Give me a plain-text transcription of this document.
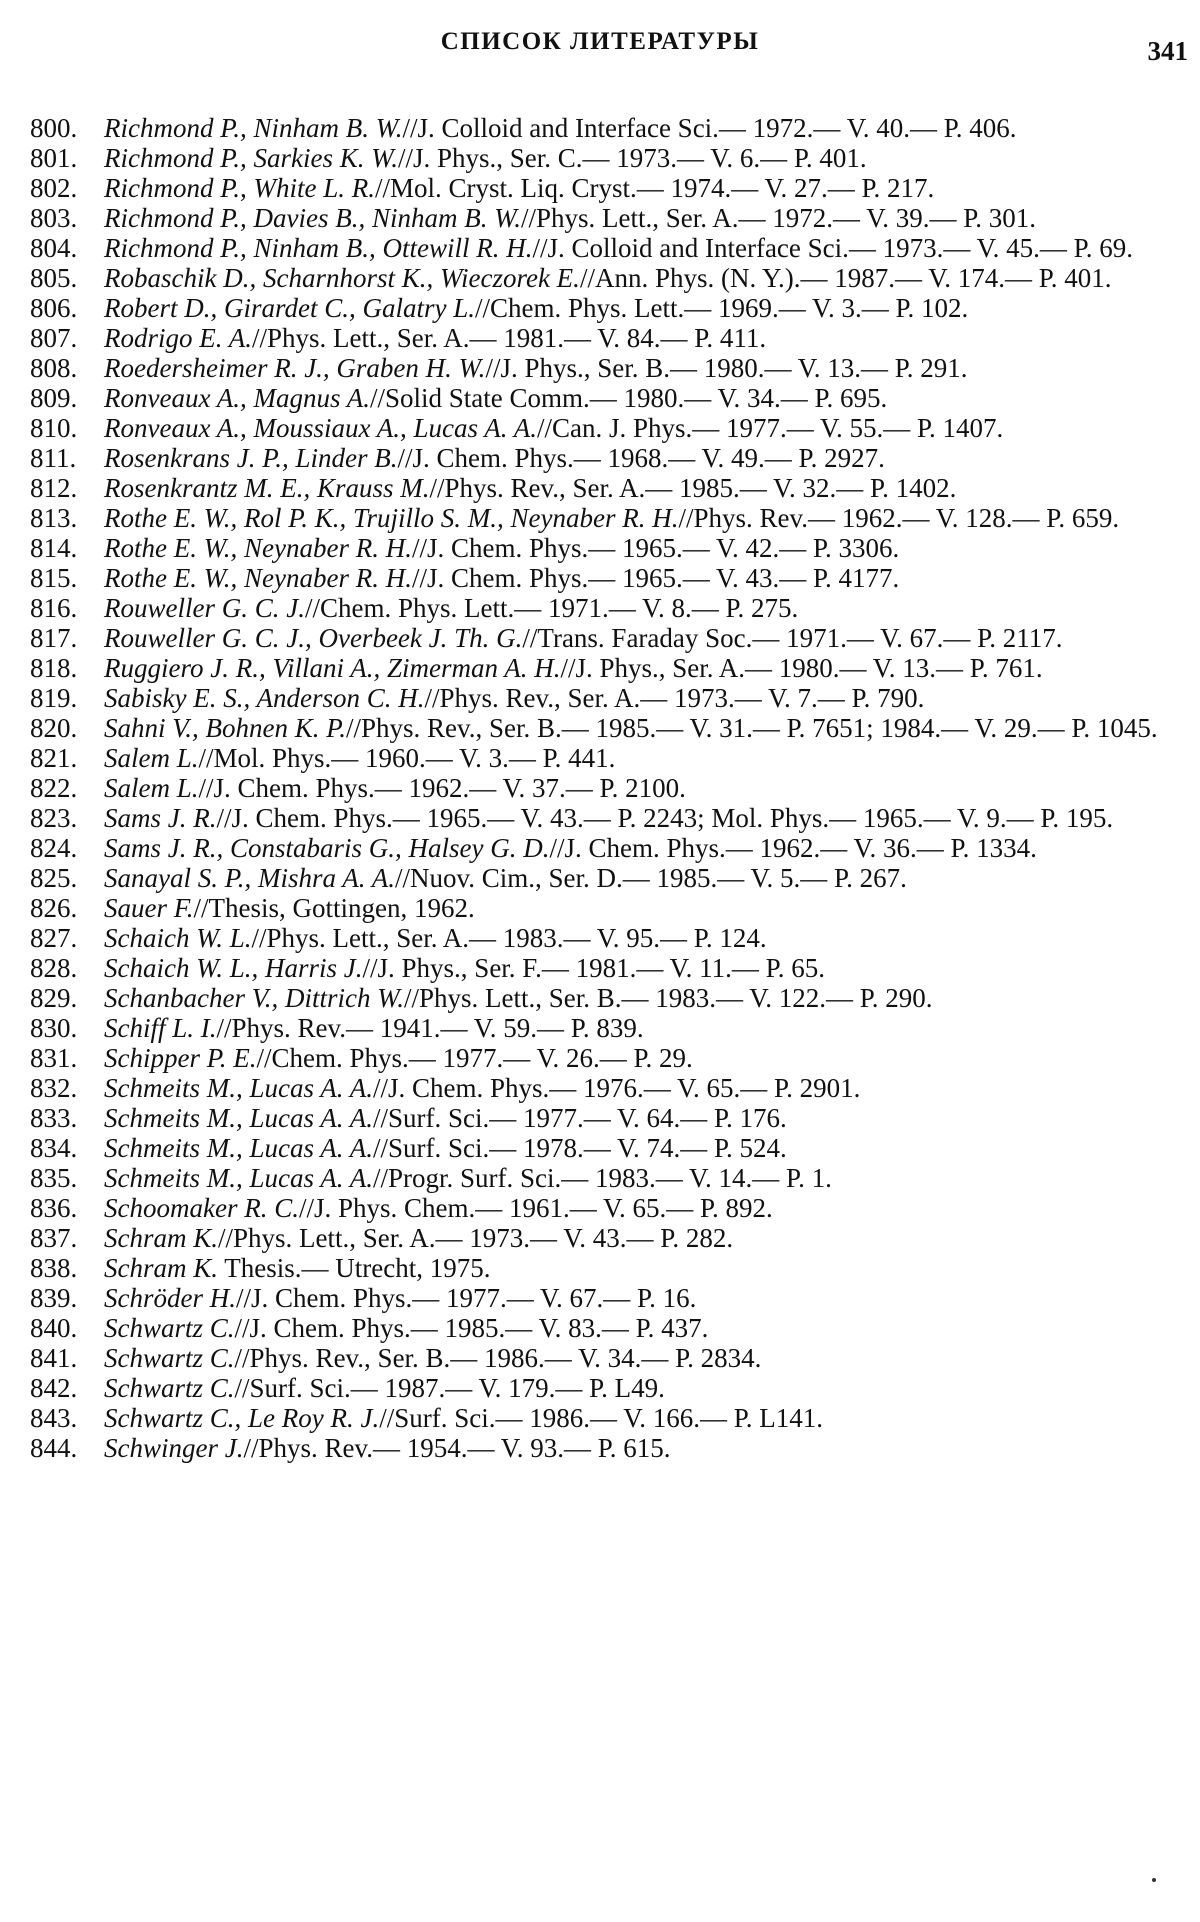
СПИСОК ЛИТЕРАТУРЫ	341
800. Richmond P., Ninham B. W.//J. Colloid and Interface Sci.— 1972.— V. 40.— P. 406.
801. Richmond P., Sarkies K. W.//J. Phys., Ser. C.— 1973.— V. 6.— P. 401.
802. Richmond P., White L. R.//Mol. Cryst. Liq. Cryst.— 1974.— V. 27.— P. 217.
803. Richmond P., Davies B., Ninham B. W.//Phys. Lett., Ser. A.— 1972.— V. 39.— P. 301.
804. Richmond P., Ninham B., Ottewill R. H.//J. Colloid and Interface Sci.— 1973.— V. 45.— P. 69.
805. Robaschik D., Scharnhorst K., Wieczorek E.//Ann. Phys. (N. Y.).— 1987.— V. 174.— P. 401.
806. Robert D., Girardet C., Galatry L.//Chem. Phys. Lett.— 1969.— V. 3.— P. 102.
807. Rodrigo E. A.//Phys. Lett., Ser. A.— 1981.— V. 84.— P. 411.
808. Roedersheimer R. J., Graben H. W.//J. Phys., Ser. B.— 1980.— V. 13.— P. 291.
809. Ronveaux A., Magnus A.//Solid State Comm.— 1980.— V. 34.— P. 695.
810. Ronveaux A., Moussiaux A., Lucas A. A.//Can. J. Phys.— 1977.— V. 55.— P. 1407.
811.	Rosenkrans J. P., Linder B.//J. Chem. Phys.— 1968.— V. 49.— P. 2927.
812. Rosenkrantz M. E., Krauss M.//Phys. Rev., Ser. A.— 1985.— V. 32.— P. 1402.
813. Rothe E. W., Rol P. K., Trujillo S. M., Neynaber R. H.//Phys. Rev.— 1962.— V. 128.— P. 659.
814. Rothe E. W., Neynaber R. H.//J. Chem. Phys.— 1965.— V. 42.— P. 3306.
815. Rothe E. W., Neynaber R. H.//J. Chem. Phys.— 1965.— V. 43.— P. 4177.
816. Rouweller G. C. J.//Chem. Phys. Lett.— 1971.— V. 8.— P. 275.
817. Rouweller G. C. J., Overbeek J. Th. G.//Trans. Faraday Soc.— 1971.— V. 67.— P. 2117.
818. Ruggiero J. R., Villani A., Zimerman A. H.//J. Phys., Ser. A.— 1980.— V. 13.— P. 761.
819. Sabisky E. S., Anderson C. H.//Phys. Rev., Ser. A.— 1973.— V. 7.— P. 790.
820. Sahni V., Bohnen K. P.//Phys. Rev., Ser. B.— 1985.— V. 31.— P. 7651; 1984.— V. 29.— P. 1045.
821. Salem L.//Mol. Phys.— 1960.— V. 3.— P. 441.
822. Salem L.//J. Chem. Phys.— 1962.— V. 37.— P. 2100.
823. Sams J. R.//J. Chem. Phys.— 1965.— V. 43.— P. 2243; Mol. Phys.— 1965.— V. 9.— P. 195.
824. Sams J. R., Constabaris G., Halsey G. D.//J. Chem. Phys.— 1962.— V. 36.— P. 1334.
825. Sanayal S. P., Mishra A. A.//Nuov. Cim., Ser. D.— 1985.— V. 5.— P. 267.
826. Sauer F.//Thesis, Gottingen, 1962.
827. Schaich W. L.//Phys. Lett., Ser. A.— 1983.— V. 95.— P. 124.
828. Schaich W. L., Harris J.//J. Phys., Ser. F.— 1981.— V. 11.— P. 65.
829. Schanbacher V., Dittrich W.//Phys. Lett., Ser. B.— 1983.— V. 122.— P. 290.
830. Schiff L. I.//Phys. Rev.— 1941.— V. 59.— P. 839.
831. Schipper P. E.//Chem. Phys.— 1977.— V. 26.— P. 29.
832. Schmeits M., Lucas A. A.//J. Chem. Phys.— 1976.— V. 65.— P. 2901.
833. Schmeits M., Lucas A. A.//Surf. Sci.— 1977.— V. 64.— P. 176.
834. Schmeits M., Lucas A. A.//Surf. Sci.— 1978.— V. 74.— P. 524.
835. Schmeits M., Lucas A. A.//Progr. Surf. Sci.— 1983.— V. 14.— P. 1.
836. Schoomaker R. C.//J. Phys. Chem.— 1961.— V. 65.— P. 892.
837. Schram K.//Phys. Lett., Ser. A.— 1973.— V. 43.— P. 282.
838. Schram K. Thesis.— Utrecht, 1975.
839. Schröder H.//J. Chem. Phys.— 1977.— V. 67.— P. 16.
840. Schwartz C.//J. Chem. Phys.— 1985.— V. 83.— P. 437.
841. Schwartz C.//Phys. Rev., Ser. B.— 1986.— V. 34.— P. 2834.
842. Schwartz C.//Surf. Sci.— 1987.— V. 179.— P. L49.
843. Schwartz C., Le Roy R. J.//Surf. Sci.— 1986.— V. 166.— P. L141.
844. Schwinger J.//Phys. Rev.— 1954.— V. 93.— P. 615.
